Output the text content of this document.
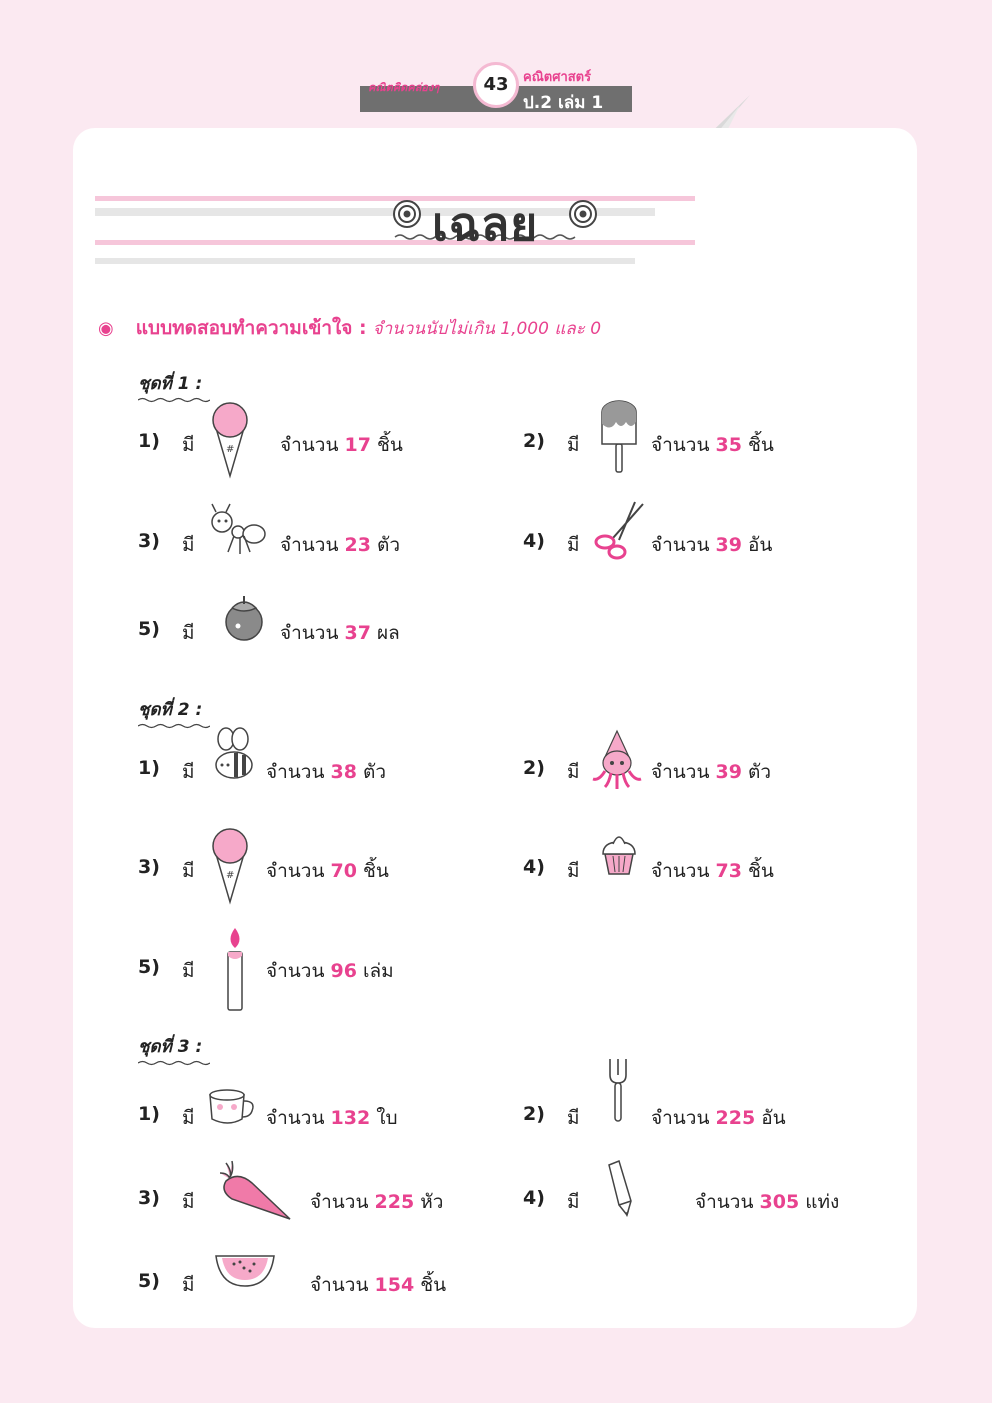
คณิตคิดคล่องๆ	43	คณิตศาสตร์
ป.2 เล่ม 1
เฉลย
◉ แบบทดสอบทำความเข้าใจ : จำนวนนับไม่เกิน 1,000 และ 0
ชุดที่ 1 :
ชุดที่ 2 :
ชุดที่ 3 :
1) มี	# จำนวน 17 ชิ้น	2) มี	จำนวน 35 ชิ้น
3) มี	จำนวน 23 ตัว	4) มี	จำนวน 39 อัน
5) มี	จำนวน 37 ผล
1) มี	จำนวน 38 ตัว	2) มี	จำนวน 39 ตัว
3) มี	# จำนวน 70 ชิ้น	4) มี	จำนวน 73 ชิ้น
5) มี	จำนวน 96 เล่ม
1) มี	จำนวน 132 ใบ	2) มี	จำนวน 225 อัน
3) มี	จำนวน 225 หัว	4) มี	จำนวน 305 แท่ง
5) มี	จำนวน 154 ชิ้น
